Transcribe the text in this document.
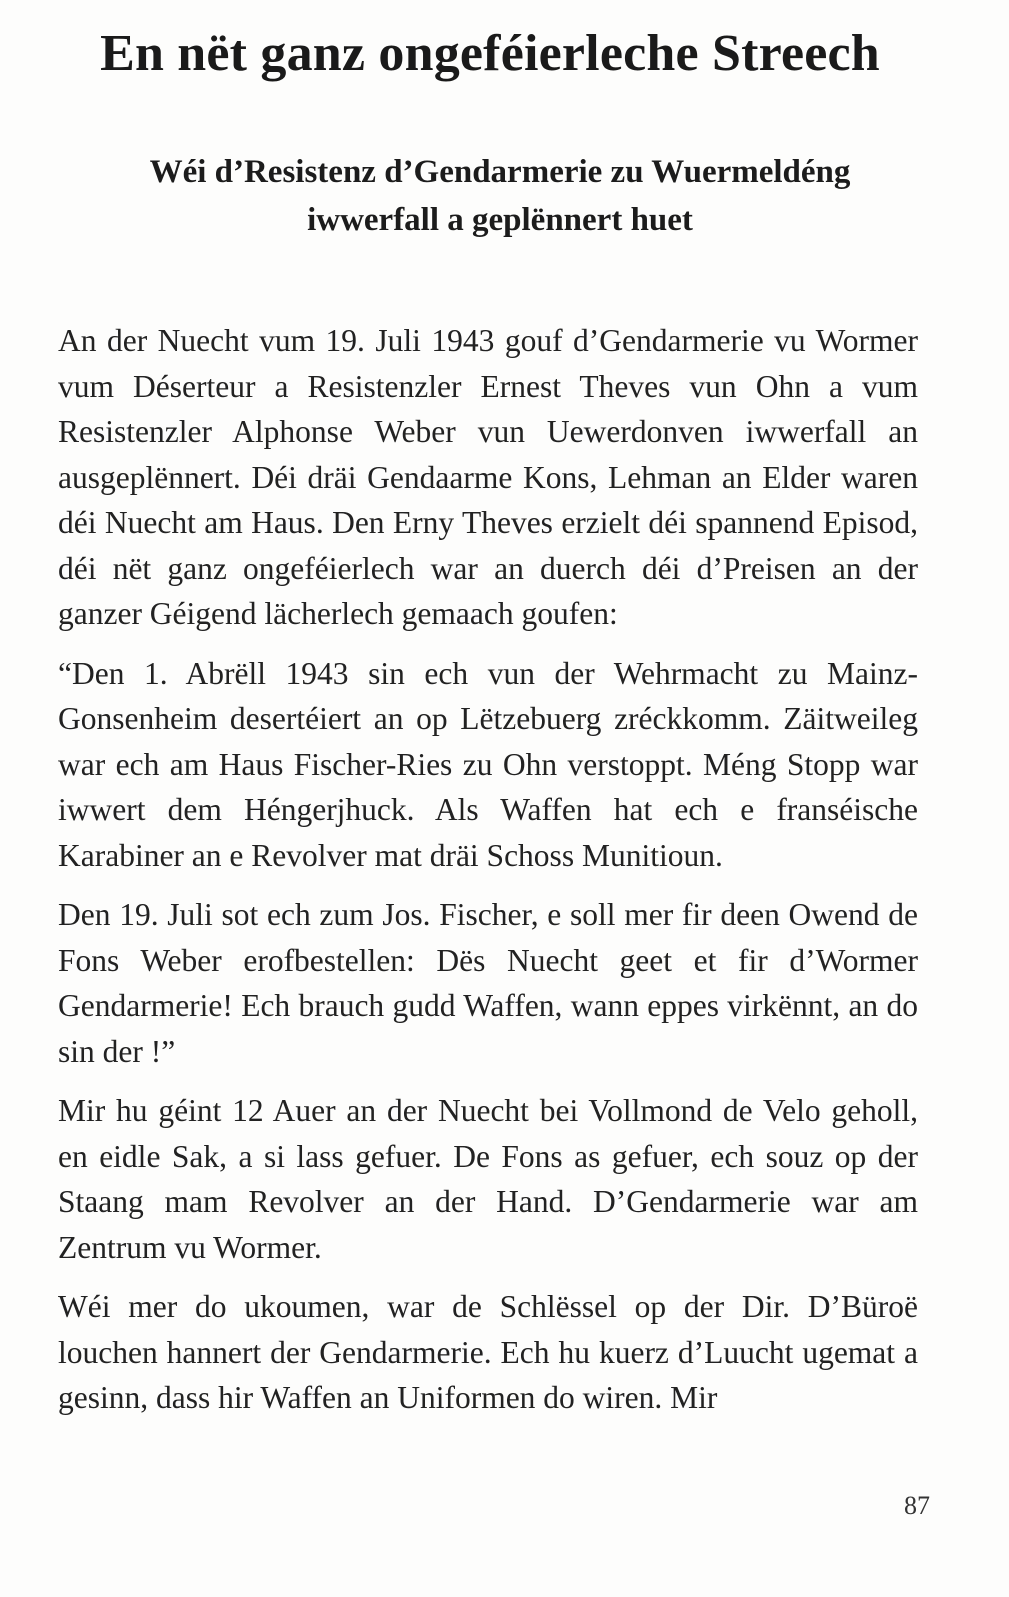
En nët ganz ongeféierleche Streech
Wéi d’Resistenz d’Gendarmerie zu Wuermeldéng
iwwerfall a geplënnert huet

An der Nuecht vum 19. Juli 1943 gouf d’Gendarmerie vu Wormer vum Déserteur a Resistenzler Ernest Theves vun Ohn a vum Resistenzler Alphonse Weber vun Uewerdonven iwwerfall an ausgeplënnert. Déi dräi Gendaarme Kons, Lehman an Elder waren déi Nuecht am Haus. Den Erny Theves erzielt déi spannend Episod, déi nët ganz ongeféierlech war an duerch déi d’Preisen an der ganzer Géigend lächerlech gemaach goufen:

“Den 1. Abrëll 1943 sin ech vun der Wehrmacht zu Mainz-Gonsenheim desertéiert an op Lëtzebuerg zréckkomm. Zäitweileg war ech am Haus Fischer-Ries zu Ohn verstoppt. Méng Stopp war iwwert dem Héngerjhuck. Als Waffen hat ech e franséische Karabiner an e Revolver mat dräi Schoss Munitioun.

Den 19. Juli sot ech zum Jos. Fischer, e soll mer fir deen Owend de Fons Weber erofbestellen: Dës Nuecht geet et fir d’Wormer Gendarmerie! Ech brauch gudd Waffen, wann eppes virkënnt, an do sin der !”

Mir hu géint 12 Auer an der Nuecht bei Vollmond de Velo geholl, en eidle Sak, a si lass gefuer. De Fons as gefuer, ech souz op der Staang mam Revolver an der Hand. D’Gendarmerie war am Zentrum vu Wormer.

Wéi mer do ukoumen, war de Schlëssel op der Dir. D’Büroë louchen hannert der Gendarmerie. Ech hu kuerz d’Luucht ugemat a gesinn, dass hir Waffen an Uniformen do wiren. Mir

87
